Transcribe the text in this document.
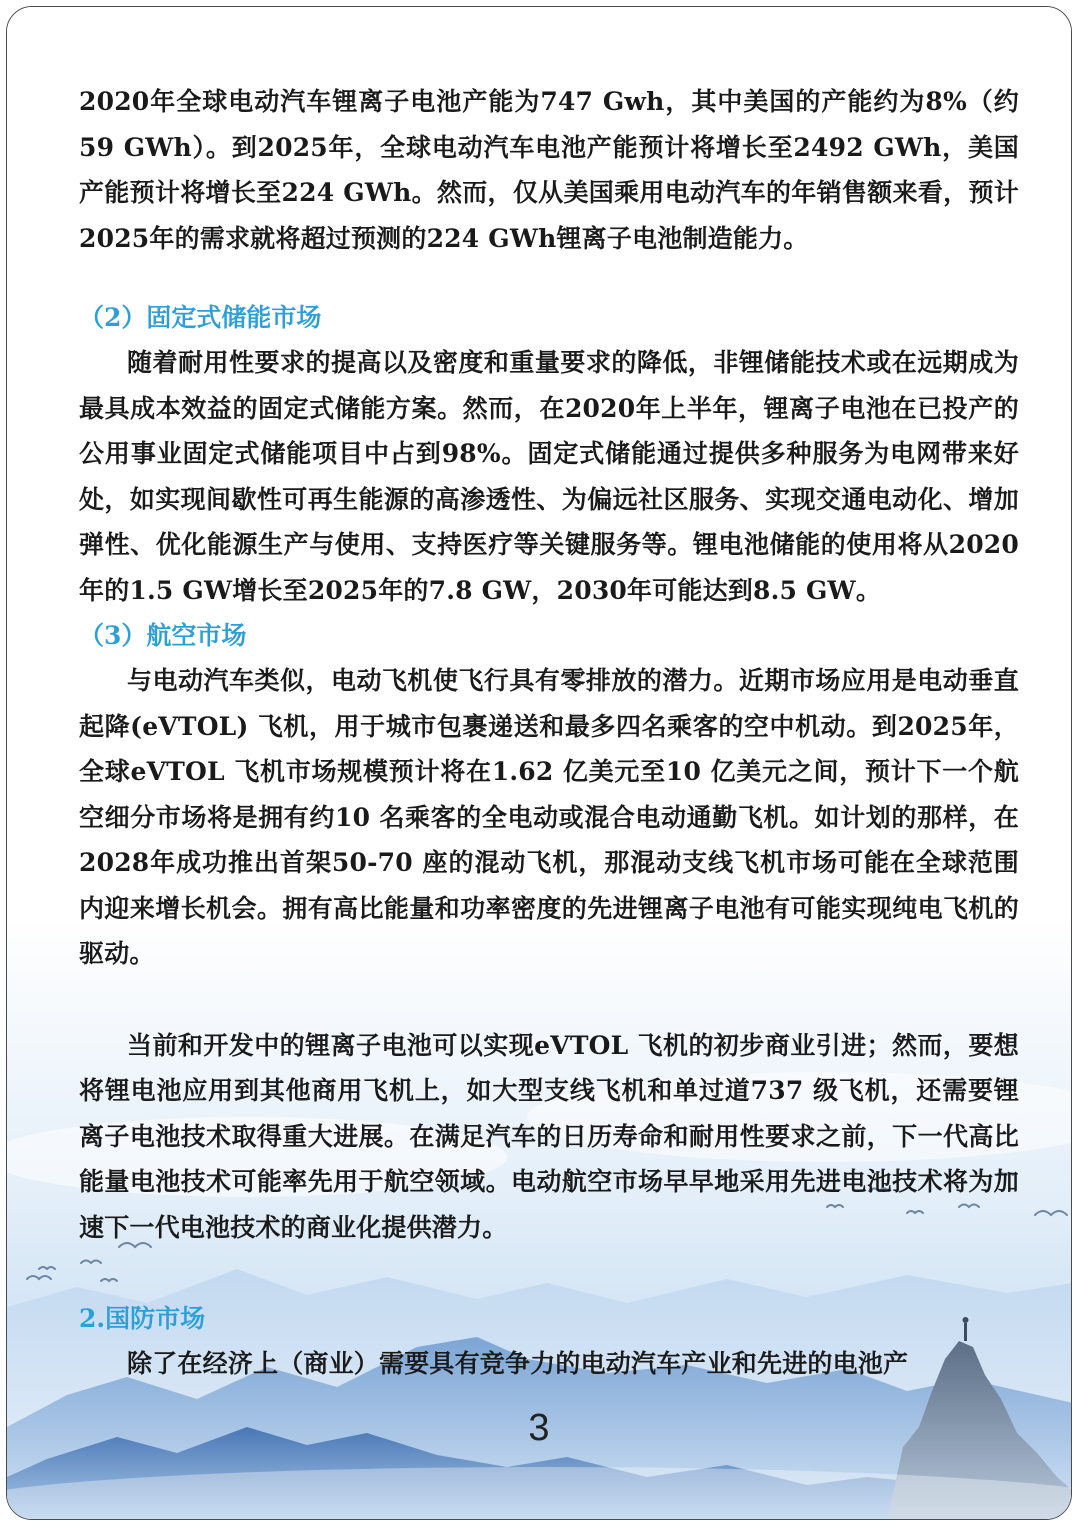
2020年全球电动汽车锂离子电池产能为747 Gwh，其中美国的产能约为8%（约59 GWh）。到2025年，全球电动汽车电池产能预计将增长至2492 GWh，美国产能预计将增长至224 GWh。然而，仅从美国乘用电动汽车的年销售额来看，预计2025年的需求就将超过预测的224 GWh锂离子电池制造能力。

（2）固定式储能市场

随着耐用性要求的提高以及密度和重量要求的降低，非锂储能技术或在远期成为最具成本效益的固定式储能方案。然而，在2020年上半年，锂离子电池在已投产的公用事业固定式储能项目中占到98%。固定式储能通过提供多种服务为电网带来好处，如实现间歇性可再生能源的高渗透性、为偏远社区服务、实现交通电动化、增加弹性、优化能源生产与使用、支持医疗等关键服务等。锂电池储能的使用将从2020年的1.5 GW增长至2025年的7.8 GW，2030年可能达到8.5 GW。

（3）航空市场

与电动汽车类似，电动飞机使飞行具有零排放的潜力。近期市场应用是电动垂直起降(eVTOL) 飞机，用于城市包裹递送和最多四名乘客的空中机动。到2025年，全球eVTOL 飞机市场规模预计将在1.62 亿美元至10 亿美元之间，预计下一个航空细分市场将是拥有约10 名乘客的全电动或混合电动通勤飞机。如计划的那样，在2028年成功推出首架50-70 座的混动飞机，那混动支线飞机市场可能在全球范围内迎来增长机会。拥有高比能量和功率密度的先进锂离子电池有可能实现纯电飞机的驱动。

当前和开发中的锂离子电池可以实现eVTOL 飞机的初步商业引进；然而，要想将锂电池应用到其他商用飞机上，如大型支线飞机和单过道737 级飞机，还需要锂离子电池技术取得重大进展。在满足汽车的日历寿命和耐用性要求之前，下一代高比能量电池技术可能率先用于航空领域。电动航空市场早早地采用先进电池技术将为加速下一代电池技术的商业化提供潜力。

2.国防市场

除了在经济上（商业）需要具有竞争力的电动汽车产业和先进的电池产

3
